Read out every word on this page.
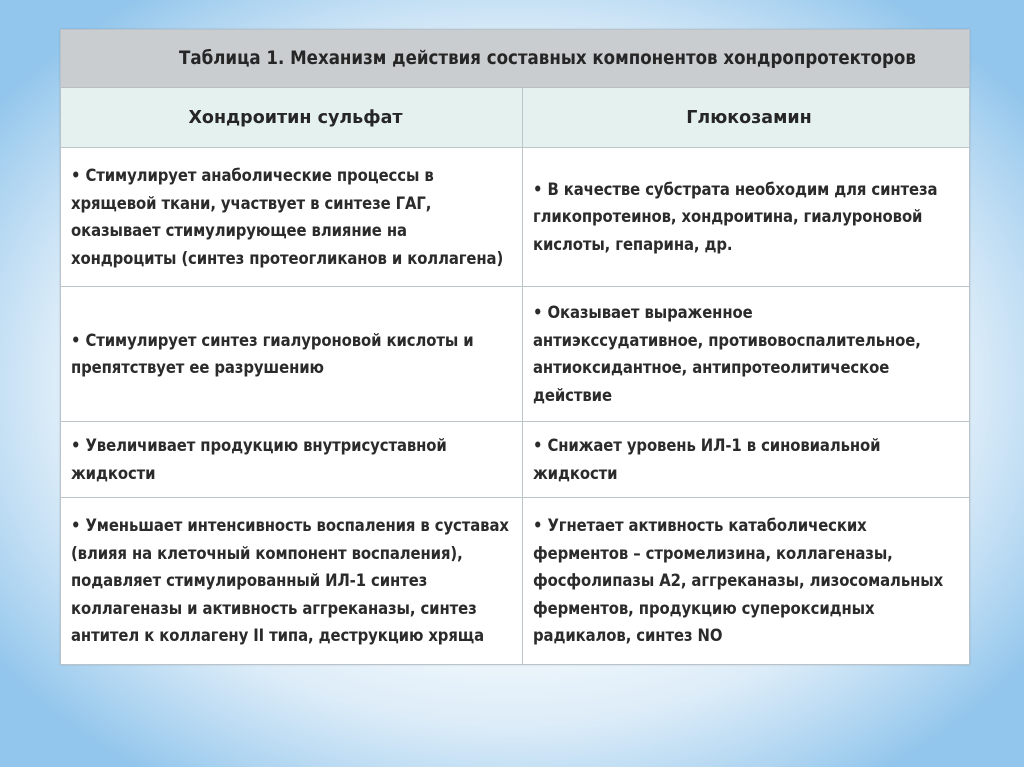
Таблица 1. Механизм действия составных компонентов хондропротекторов
Хондроитин сульфат	Глюкозамин
• Стимулирует анаболические процессы в
хрящевой ткани, участвует в синтезе ГАГ,
оказывает стимулирующее влияние на
хондроциты (синтез протеогликанов и коллагена)
• В качестве субстрата необходим для синтеза
гликопротеинов, хондроитина, гиалуроновой
кислоты, гепарина, др.
• Стимулирует синтез гиалуроновой кислоты и
препятствует ее разрушению
• Оказывает выраженное
антиэкссудативное, противовоспалительное,
антиоксидантное, антипротеолитическое
действие
• Увеличивает продукцию внутрисуставной
жидкости
• Снижает уровень ИЛ-1 в синовиальной
жидкости
• Уменьшает интенсивность воспаления в суставах
(влияя на клеточный компонент воспаления),
подавляет стимулированный ИЛ-1 синтез
коллагеназы и активность аггреканазы, синтез
антител к коллагену II типа, деструкцию хряща
• Угнетает активность катаболических
ферментов – стромелизина, коллагеназы,
фосфолипазы А2, аггреканазы, лизосомальных
ферментов, продукцию супероксидных
радикалов, синтез NO
